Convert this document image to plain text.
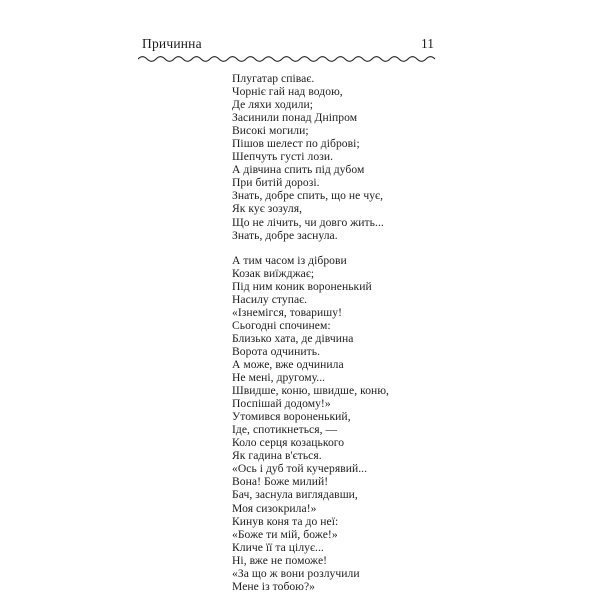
Причинна	11
Плугатар співає.
Чорніє гай над водою,
Де ляхи ходили;
Засинили понад Дніпром
Високі могили;
Пішов шелест по діброві;
Шепчуть густі лози.
А дівчина спить під дубом
При битій дорозі.
Знать, добре спить, що не чує,
Як кує зозуля,
Що не лічить, чи довго жить...
Знать, добре заснула.
А тим часом із діброви
Козак виїжджає;
Під ним коник вороненький
Насилу ступає.
«Ізнемігся, товаришу!
Сьогодні спочинем:
Близько хата, де дівчина
Ворота одчинить.
А може, вже одчинила
Не мені, другому...
Швидше, коню, швидше, коню,
Поспішай додому!»
Утомився вороненький,
Іде, спотикнеться, —
Коло серця козацького
Як гадина в'ється.
«Ось і дуб той кучерявий...
Вона! Боже милий!
Бач, заснула виглядавши,
Моя сизокрила!»
Кинув коня та до неї:
«Боже ти мій, боже!»
Кличе її та цілує...
Ні, вже не поможе!
«За що ж вони розлучили
Мене із тобою?»
